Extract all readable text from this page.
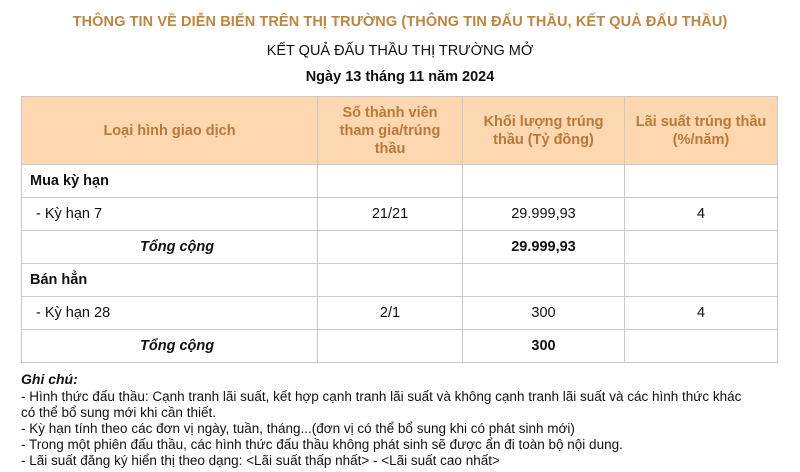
THÔNG TIN VỀ DIỄN BIẾN TRÊN THỊ TRƯỜNG (THÔNG TIN ĐẤU THẦU, KẾT QUẢ ĐẤU THẦU)
KẾT QUẢ ĐẤU THẦU THỊ TRƯỜNG MỞ
Ngày 13 tháng 11 năm 2024
Loại hình giao dịch	Số thành viên tham gia/trúng thầu	Khối lượng trúng thầu (Tỷ đồng)	Lãi suất trúng thầu (%/năm)
Mua kỳ hạn			
- Kỳ hạn 7	21/21	29.999,93	4
Tổng cộng		29.999,93	
Bán hẳn			
- Kỳ hạn 28	2/1	300	4
Tổng cộng		300	
Ghi chú:

- Hình thức đấu thầu: Cạnh tranh lãi suất, kết hợp cạnh tranh lãi suất và không cạnh tranh lãi suất và các hình thức khác

có thể bổ sung mới khi cần thiết.

- Kỳ hạn tính theo các đơn vị ngày, tuần, tháng...(đơn vị có thể bổ sung khi có phát sinh mới)

- Trong một phiên đấu thầu, các hình thức đấu thầu không phát sinh sẽ được ẩn đi toàn bộ nội dung.

- Lãi suất đăng ký hiển thị theo dạng: <Lãi suất thấp nhất> - <Lãi suất cao nhất>
